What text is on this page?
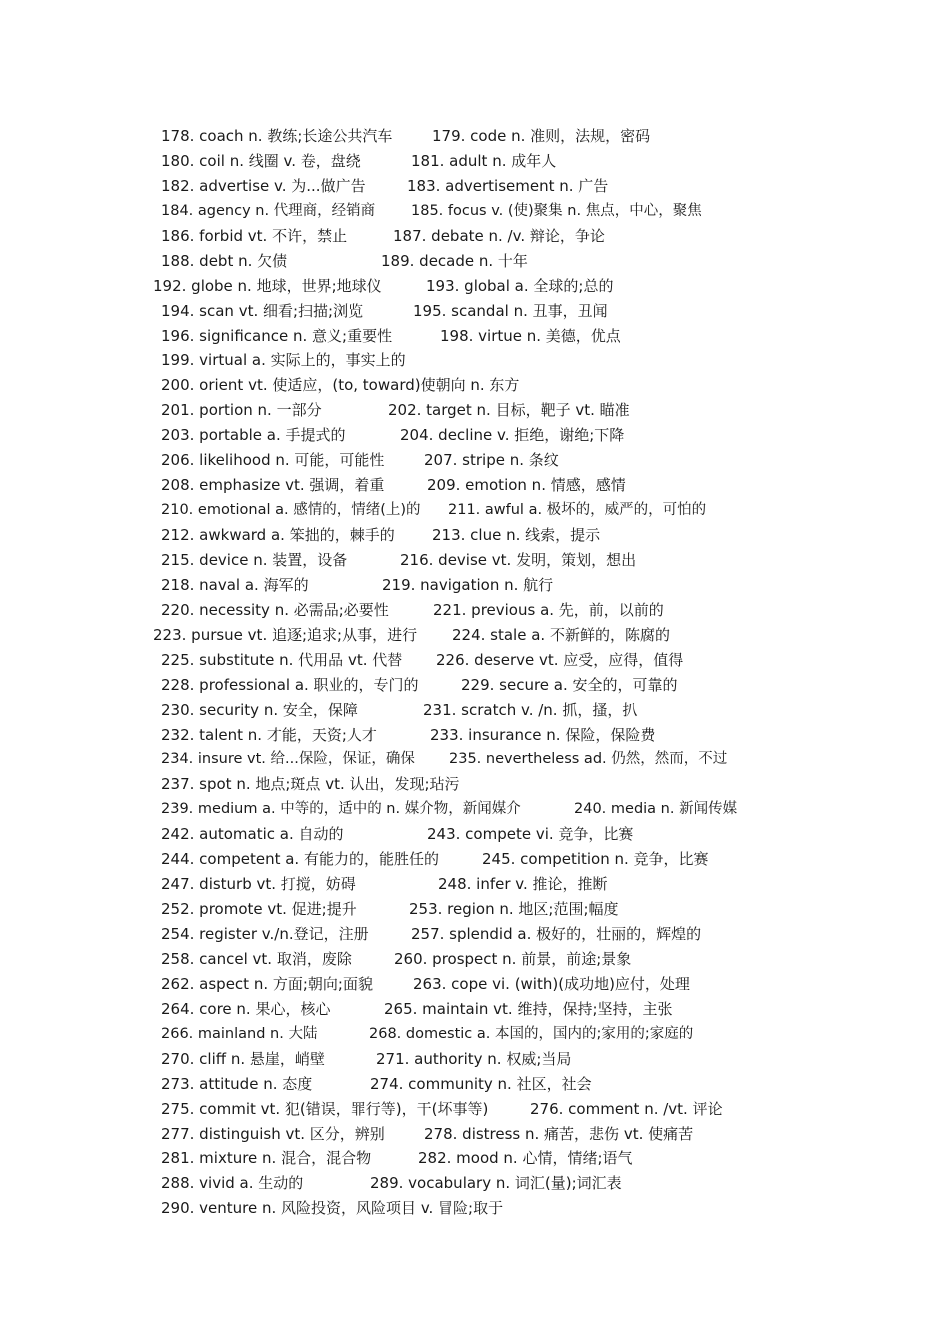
178. coach n. 教练;长途公共汽车	179. code n. 准则，法规，密码
180. coil n. 线圈 v. 卷，盘绕	181. adult n. 成年人
182. advertise v. 为...做广告	183. advertisement n. 广告
184. agency n. 代理商，经销商 185. focus v. (使)聚集 n. 焦点，中心，聚焦
186. forbid vt. 不许，禁止	187. debate n. /v. 辩论，争论
188. debt n. 欠债	189. decade n. 十年
192. globe n. 地球，世界;地球仪	193. global a. 全球的;总的
194. scan vt. 细看;扫描;浏览	195. scandal n. 丑事，丑闻
196. significance n. 意义;重要性	198. virtue n. 美德，优点
199. virtual a. 实际上的，事实上的
200. orient vt. 使适应，(to, toward)使朝向 n. 东方
201. portion n. 一部分	202. target n. 目标，靶子 vt. 瞄准
203. portable a. 手提式的	204. decline v. 拒绝，谢绝;下降
206. likelihood n. 可能，可能性	207. stripe n. 条纹
208. emphasize vt. 强调，着重	209. emotion n. 情感，感情
210. emotional a. 感情的，情绪(上)的 211. awful a. 极坏的，威严的，可怕的
212. awkward a. 笨拙的，棘手的 213. clue n. 线索，提示
215. device n. 装置，设备	216. devise vt. 发明，策划，想出
218. naval a. 海军的	219. navigation n. 航行
220. necessity n. 必需品;必要性	221. previous a. 先，前，以前的
223. pursue vt. 追逐;追求;从事，进行 224. stale a. 不新鲜的，陈腐的
225. substitute n. 代用品 vt. 代替 226. deserve vt. 应受，应得，值得
228. professional a. 职业的，专门的	229. secure a. 安全的，可靠的
230. security n. 安全，保障	231. scratch v. /n. 抓，搔，扒
232. talent n. 才能，天资;人才	233. insurance n. 保险，保险费
234. insure vt. 给...保险，保证，确保 235. nevertheless ad. 仍然，然而，不过
237. spot n. 地点;斑点 vt. 认出，发现;玷污
239. medium a. 中等的，适中的 n. 媒介物，新闻媒介	240. media n. 新闻传媒
242. automatic a. 自动的	243. compete vi. 竞争，比赛
244. competent a. 有能力的，能胜任的	245. competition n. 竞争，比赛
247. disturb vt. 打搅，妨碍	248. infer v. 推论，推断
252. promote vt. 促进;提升	253. region n. 地区;范围;幅度
254. register v./n.登记，注册	257. splendid a. 极好的，壮丽的，辉煌的
258. cancel vt. 取消，废除	260. prospect n. 前景，前途;景象
262. aspect n. 方面;朝向;面貌	263. cope vi. (with)(成功地)应付，处理
264. core n. 果心，核心	265. maintain vt. 维持，保持;坚持，主张
266. mainland n. 大陆	268. domestic a. 本国的，国内的;家用的;家庭的
270. cliff n. 悬崖，峭壁	271. authority n. 权威;当局
273. attitude n. 态度	274. community n. 社区，社会
275. commit vt. 犯(错误，罪行等)，干(坏事等)	276. comment n. /vt. 评论
277. distinguish vt. 区分，辨别	278. distress n. 痛苦，悲伤 vt. 使痛苦
281. mixture n. 混合，混合物	282. mood n. 心情，情绪;语气
288. vivid a. 生动的	289. vocabulary n. 词汇(量);词汇表
290. venture n. 风险投资，风险项目 v. 冒险;取于
